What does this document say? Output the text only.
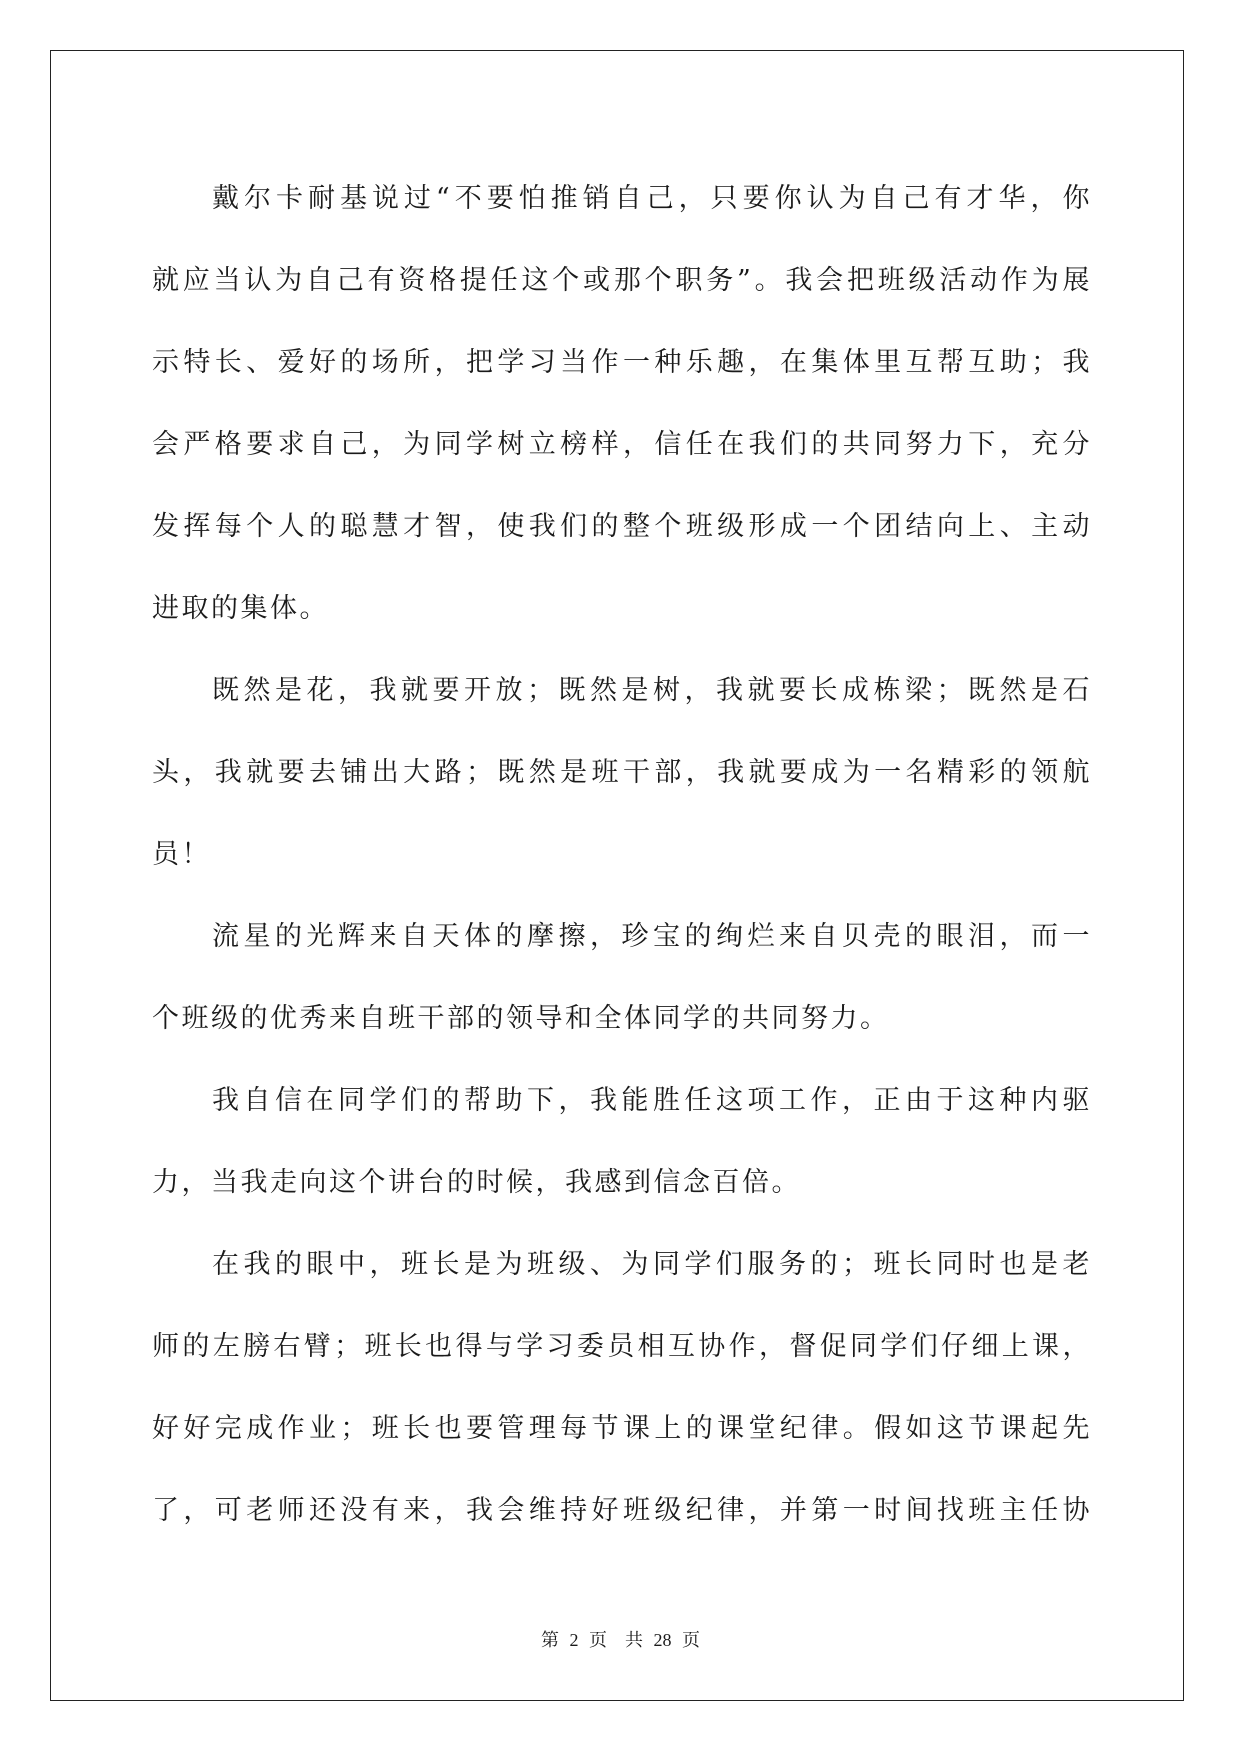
戴尔卡耐基说过“不要怕推销自己，只要你认为自己有才华，你
就应当认为自己有资格提任这个或那个职务”。我会把班级活动作为展
示特长、爱好的场所，把学习当作一种乐趣，在集体里互帮互助；我
会严格要求自己，为同学树立榜样，信任在我们的共同努力下，充分
发挥每个人的聪慧才智，使我们的整个班级形成一个团结向上、主动
进取的集体。
既然是花，我就要开放；既然是树，我就要长成栋梁；既然是石
头，我就要去铺出大路；既然是班干部，我就要成为一名精彩的领航
员！
流星的光辉来自天体的摩擦，珍宝的绚烂来自贝壳的眼泪，而一
个班级的优秀来自班干部的领导和全体同学的共同努力。
我自信在同学们的帮助下，我能胜任这项工作，正由于这种内驱
力，当我走向这个讲台的时候，我感到信念百倍。
在我的眼中，班长是为班级、为同学们服务的；班长同时也是老
师的左膀右臂；班长也得与学习委员相互协作，督促同学们仔细上课，
好好完成作业；班长也要管理每节课上的课堂纪律。假如这节课起先
了，可老师还没有来，我会维持好班级纪律，并第一时间找班主任协
第 2 页　共 28 页
